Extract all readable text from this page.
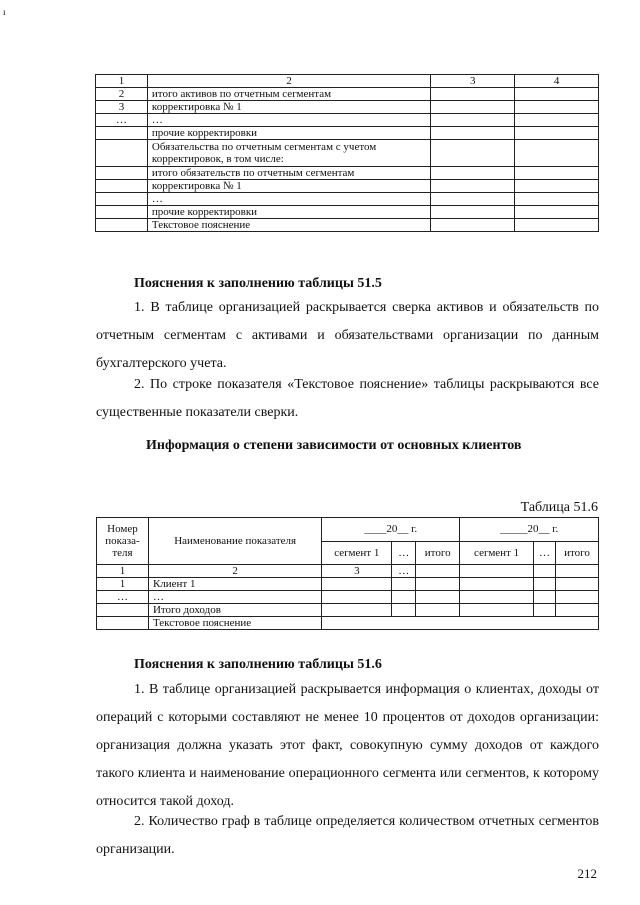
ı
1	2	3	4
2	итого активов по отчетным сегментам		
3	корректировка № 1		
…	…		
	прочие корректировки		
	Обязательства по отчетным сегментам с учетом корректировок, в том числе:		
	итого обязательств по отчетным сегментам		
	корректировка № 1		
	…		
	прочие корректировки		
	Текстовое пояснение		
Пояснения к заполнению таблицы 51.5
1. В таблице организацией раскрывается сверка активов и обязательств по отчетным сегментам с активами и обязательствами организации по данным бухгалтерского учета.
2. По строке показателя «Текстовое пояснение» таблицы раскрываются все существенные показатели сверки.
Информация о степени зависимости от основных клиентов
Таблица 51.6
Номер показа-теля	Наименование показателя	____20__ г.			_____20__ г.		
		сегмент 1	…	итого	сегмент 1	…	итого
1	2	3	…				
1	Клиент 1						
…	…						
	Итого доходов						
	Текстовое пояснение						
Пояснения к заполнению таблицы 51.6
1. В таблице организацией раскрывается информация о клиентах, доходы от операций с которыми составляют не менее 10 процентов от доходов организации: организация должна указать этот факт, совокупную сумму доходов от каждого такого клиента и наименование операционного сегмента или сегментов, к которому относится такой доход.
2. Количество граф в таблице определяется количеством отчетных сегментов организации.
212
